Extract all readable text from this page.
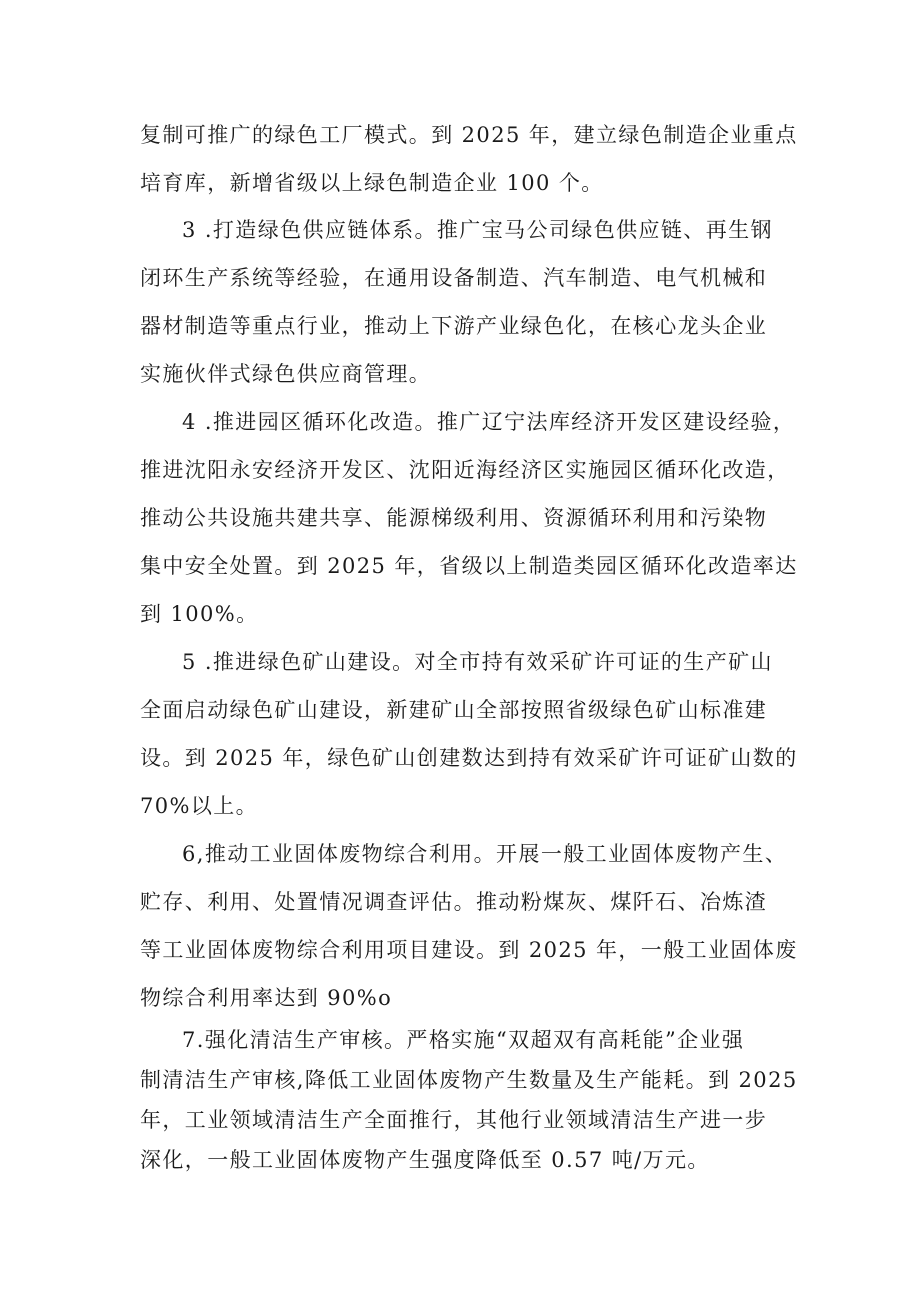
复制可推广的绿色工厂模式。到 2025 年，建立绿色制造企业重点
培育库，新增省级以上绿色制造企业 100 个。

3 .打造绿色供应链体系。推广宝马公司绿色供应链、再生钢
闭环生产系统等经验，在通用设备制造、汽车制造、电气机械和
器材制造等重点行业，推动上下游产业绿色化，在核心龙头企业
实施伙伴式绿色供应商管理。

4 .推进园区循环化改造。推广辽宁法库经济开发区建设经验，
推进沈阳永安经济开发区、沈阳近海经济区实施园区循环化改造，
推动公共设施共建共享、能源梯级利用、资源循环利用和污染物
集中安全处置。到 2025 年，省级以上制造类园区循环化改造率达
到 100%。

5 .推进绿色矿山建设。对全市持有效采矿许可证的生产矿山
全面启动绿色矿山建设，新建矿山全部按照省级绿色矿山标准建
设。到 2025 年，绿色矿山创建数达到持有效采矿许可证矿山数的
70%以上。

6,推动工业固体废物综合利用。开展一般工业固体废物产生、
贮存、利用、处置情况调查评估。推动粉煤灰、煤阡石、冶炼渣
等工业固体废物综合利用项目建设。到 2025 年，一般工业固体废
物综合利用率达到 90%o

7.强化清洁生产审核。严格实施“双超双有高耗能”企业强
制清洁生产审核,降低工业固体废物产生数量及生产能耗。到 2025
年，工业领域清洁生产全面推行，其他行业领域清洁生产进一步
深化，一般工业固体废物产生强度降低至 0.57 吨/万元。
